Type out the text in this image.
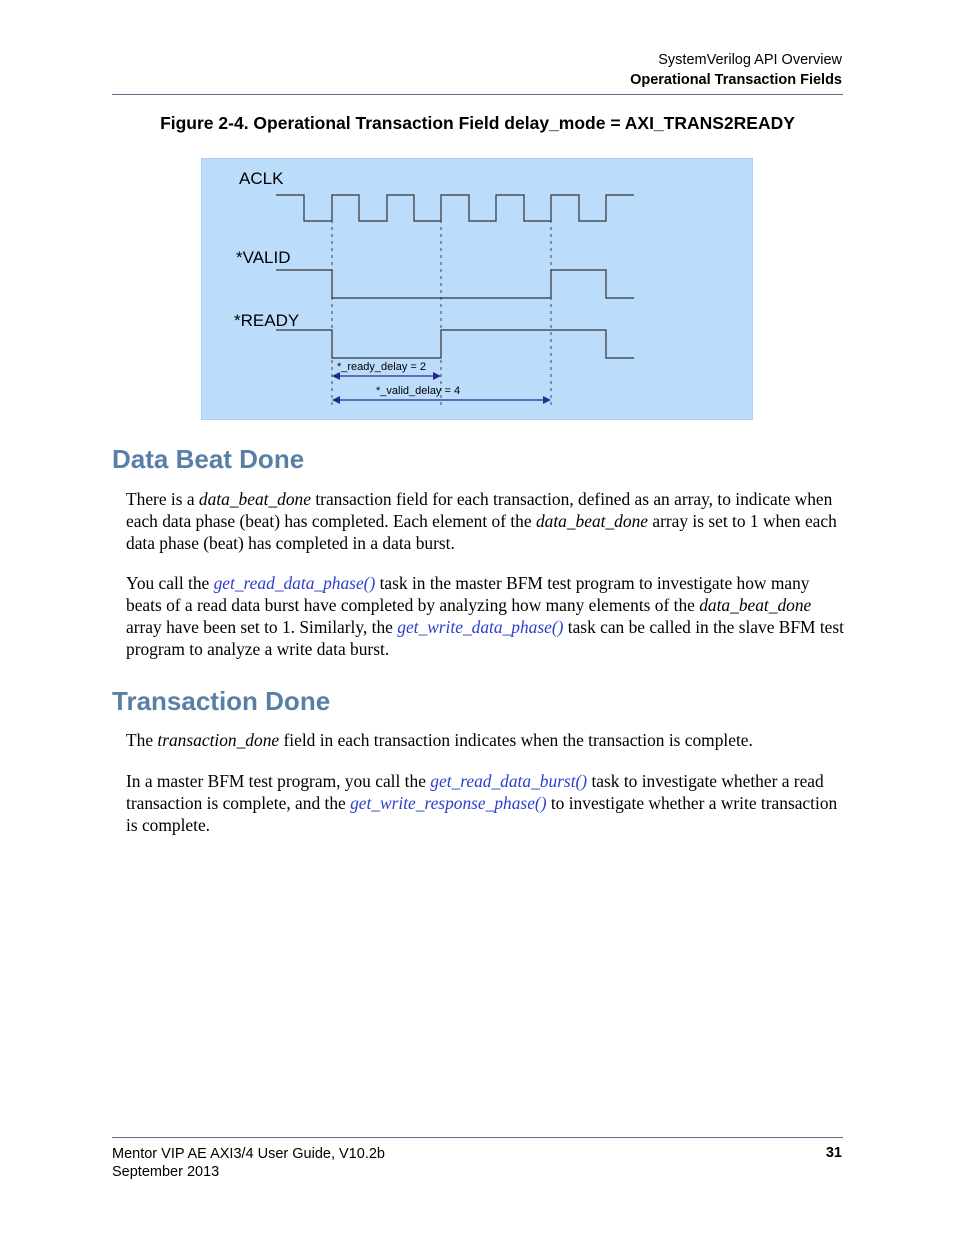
SystemVerilog API Overview
Operational Transaction Fields
Figure 2-4. Operational Transaction Field delay_mode = AXI_TRANS2READY
ACLK
*VALID
*READY
*_ready_delay = 2
*_valid_delay = 4
Data Beat Done

There is a data_beat_done transaction field for each transaction, defined as an array, to indicate when each data phase (beat) has completed. Each element of the data_beat_done array is set to 1 when each data phase (beat) has completed in a data burst.

You call the get_read_data_phase() task in the master BFM test program to investigate how many beats of a read data burst have completed by analyzing how many elements of the data_beat_done array have been set to 1. Similarly, the get_write_data_phase() task can be called in the slave BFM test program to analyze a write data burst.

Transaction Done

The transaction_done field in each transaction indicates when the transaction is complete.

In a master BFM test program, you call the get_read_data_burst() task to investigate whether a read transaction is complete, and the get_write_response_phase() to investigate whether a write transaction is complete.

Mentor VIP AE AXI3/4 User Guide, V10.2b
September 2013
31
